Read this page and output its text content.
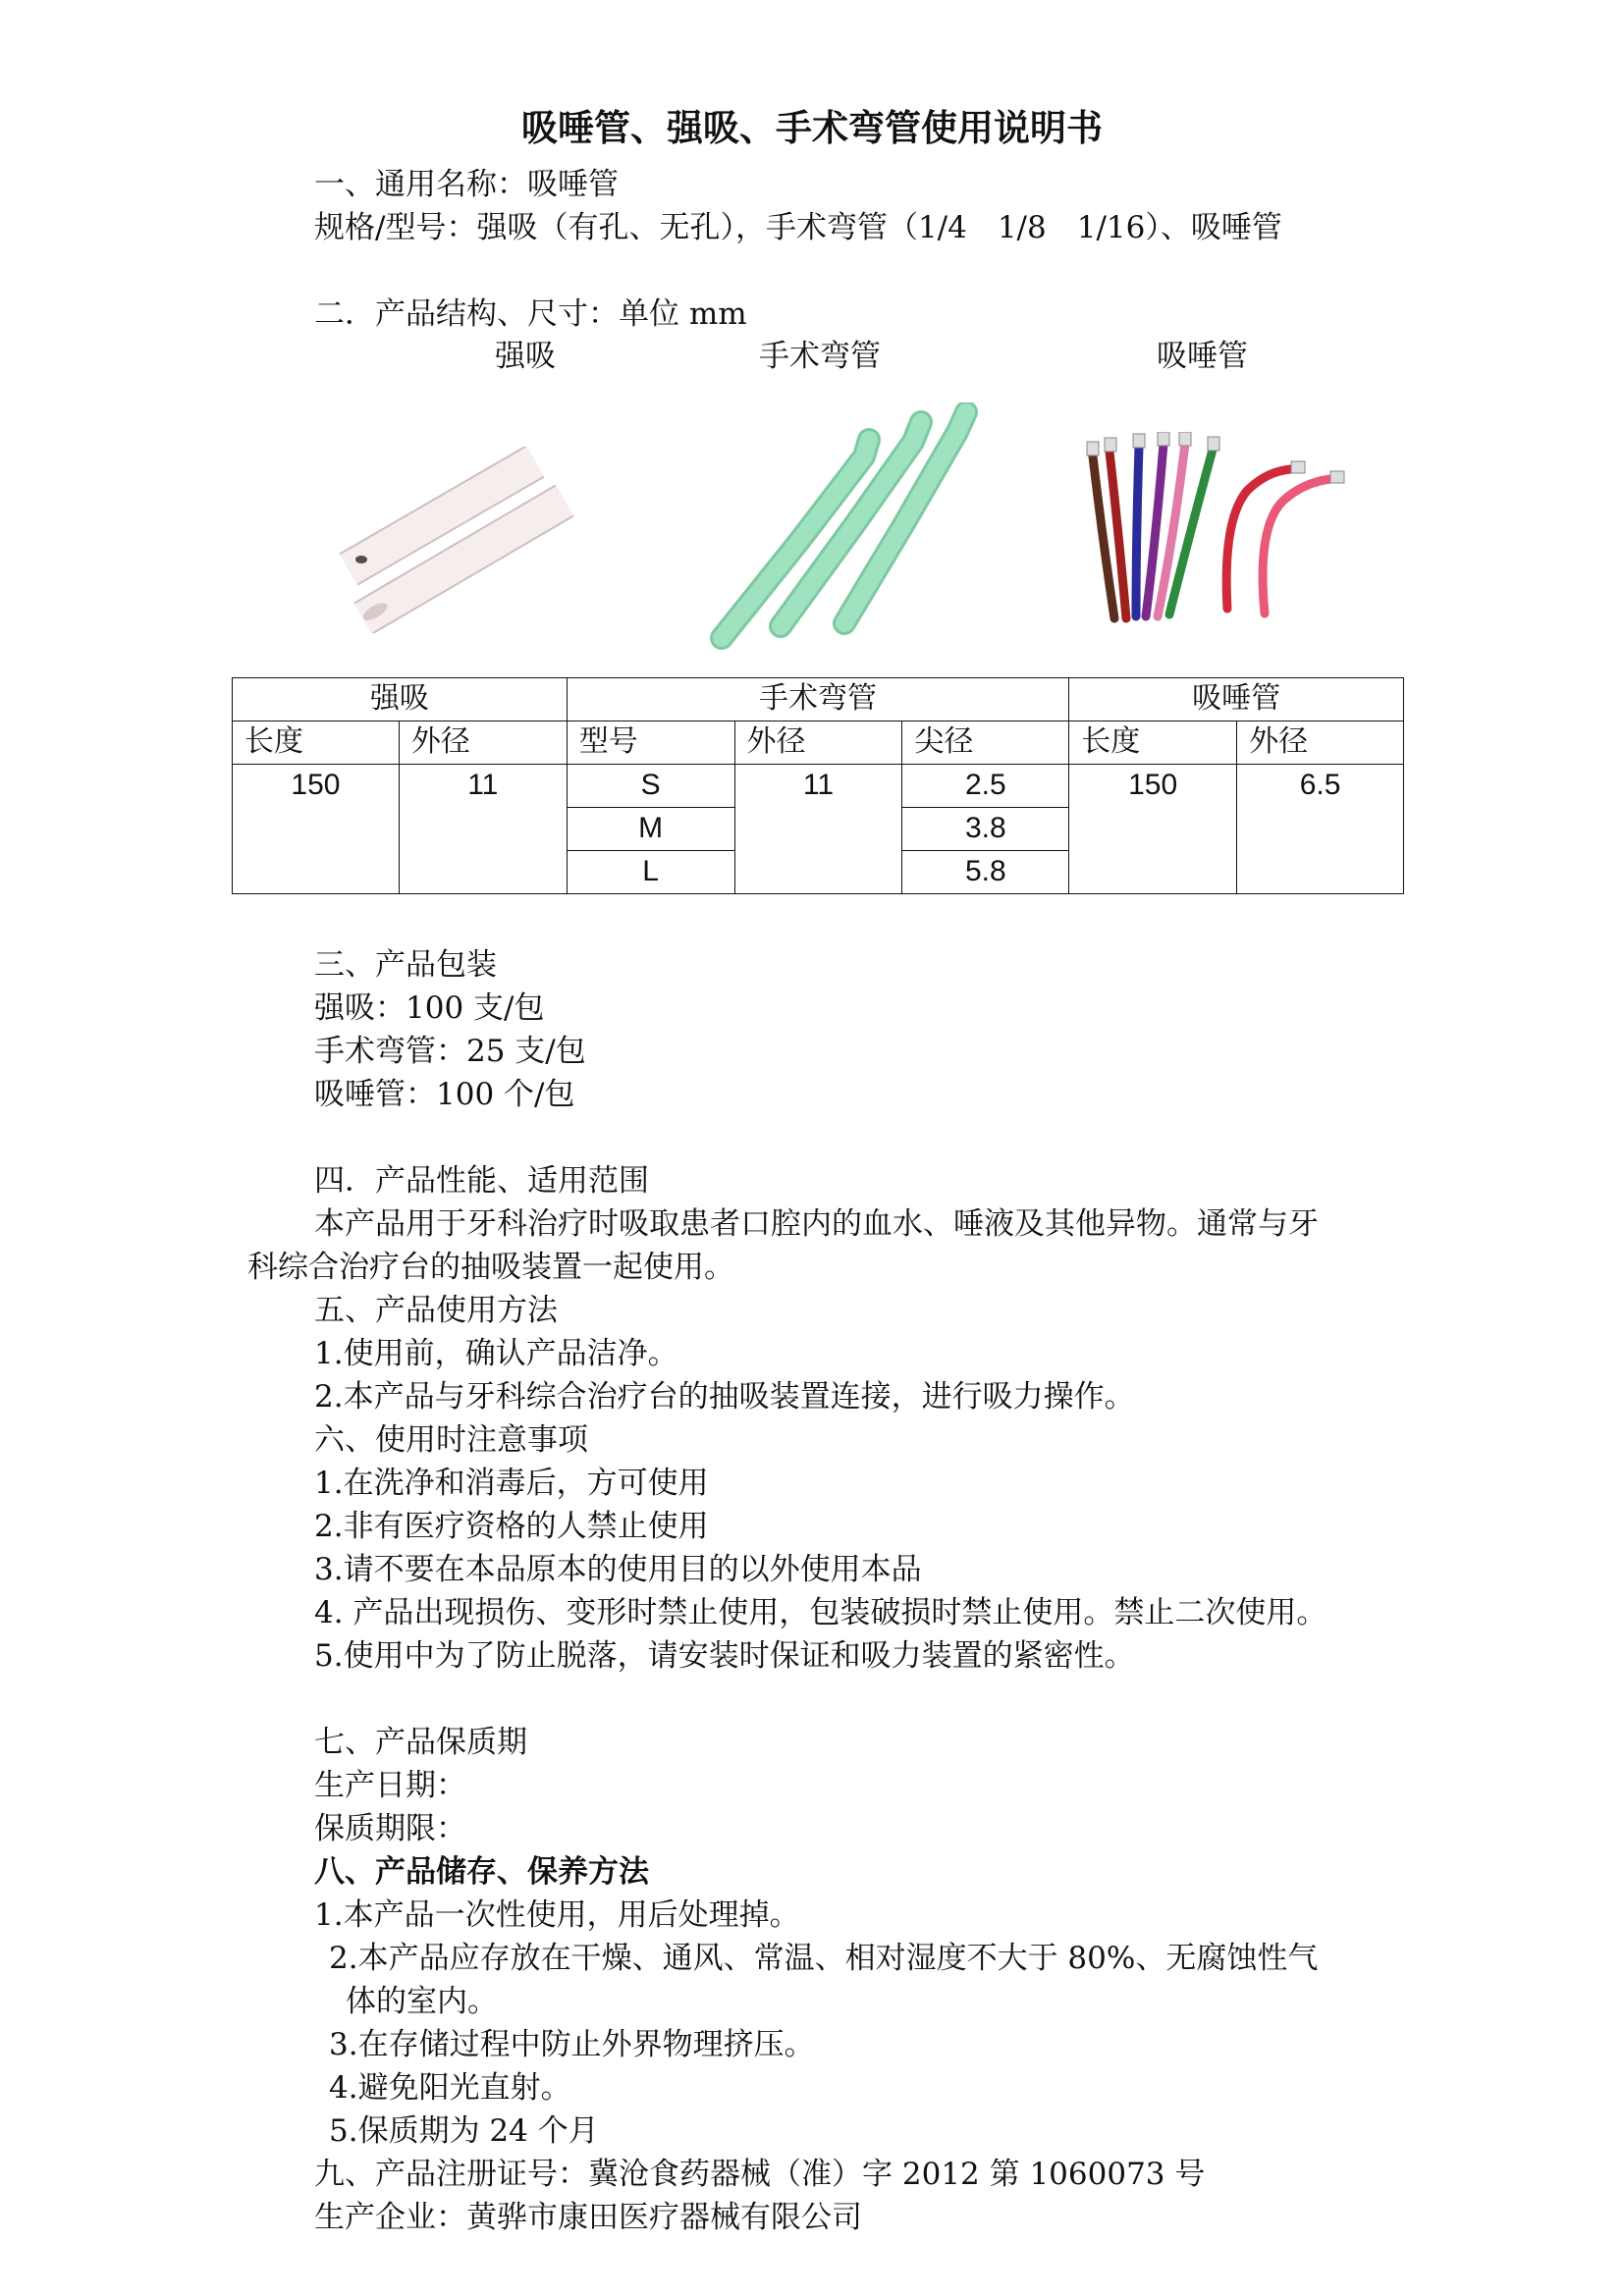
吸唾管、强吸、手术弯管使用说明书
一、通用名称：吸唾管
规格/型号：强吸（有孔、无孔），手术弯管（1/4　1/8　1/16）、吸唾管
二．产品结构、尺寸：单位 mm
强吸	手术弯管	吸唾管
强吸		手术弯管			吸唾管	
长度	外径	型号	外径	尖径	长度	外径
150	11	S	11	2.5	150	6.5
		M		3.8		
		L		5.8		
三、产品包装
强吸：100 支/包
手术弯管：25 支/包
吸唾管：100 个/包
四．产品性能、适用范围
本产品用于牙科治疗时吸取患者口腔内的血水、唾液及其他异物。通常与牙
科综合治疗台的抽吸装置一起使用。
五、产品使用方法
1.使用前，确认产品洁净。
2.本产品与牙科综合治疗台的抽吸装置连接，进行吸力操作。
六、使用时注意事项
1.在洗净和消毒后，方可使用
2.非有医疗资格的人禁止使用
3.请不要在本品原本的使用目的以外使用本品
4. 产品出现损伤、变形时禁止使用，包装破损时禁止使用。禁止二次使用。
5.使用中为了防止脱落，请安装时保证和吸力装置的紧密性。
七、产品保质期
生产日期：
保质期限：
八、产品储存、保养方法
1.本产品一次性使用，用后处理掉。
2.本产品应存放在干燥、通风、常温、相对湿度不大于 80%、无腐蚀性气
体的室内。
3.在存储过程中防止外界物理挤压。
4.避免阳光直射。
5.保质期为 24 个月
九、产品注册证号：冀沧食药器械（准）字 2012 第 1060073 号
生产企业：黄骅市康田医疗器械有限公司
